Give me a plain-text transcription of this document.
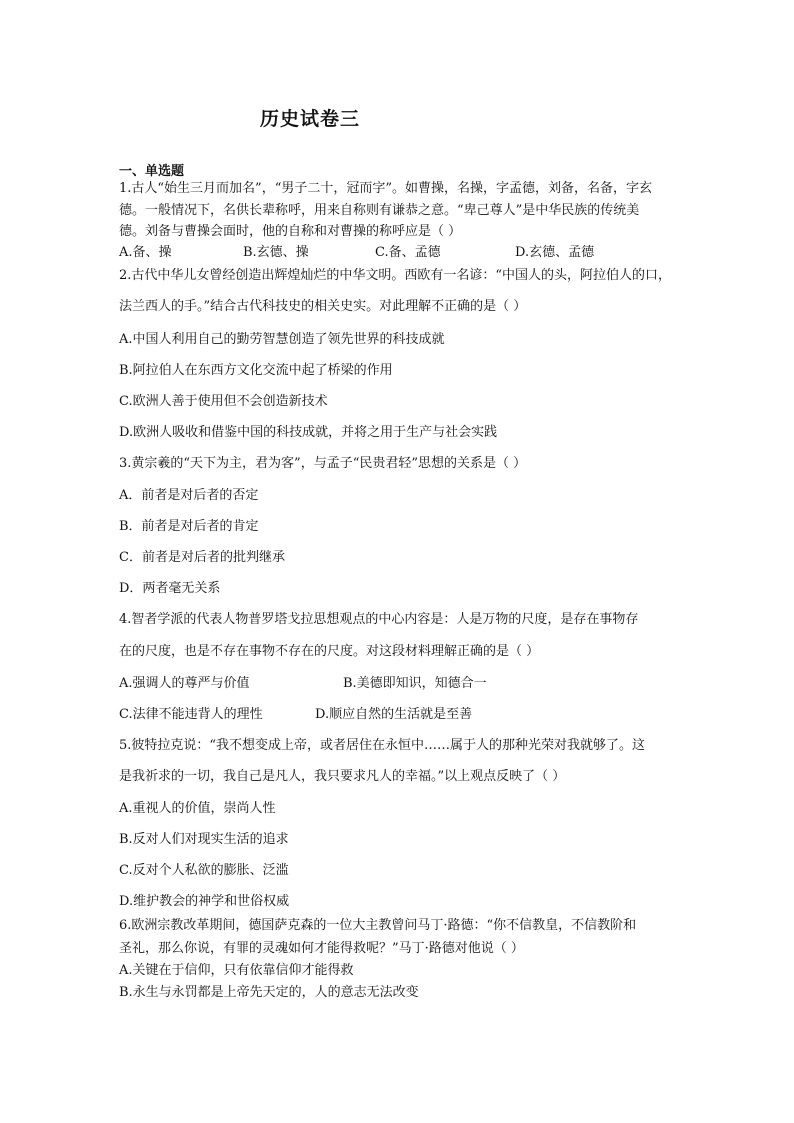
历史试卷三
一、单选题
1.古人“始生三月而加名”，“男子二十，冠而字”。如曹操，名操，字孟德，刘备，名备，字玄
德。一般情况下，名供长辈称呼，用来自称则有谦恭之意。“卑己尊人”是中华民族的传统美
德。刘备与曹操会面时，他的自称和对曹操的称呼应是（ ）
A.备、操	B.玄德、操	C.备、孟德	D.玄德、孟德
2.古代中华儿女曾经创造出辉煌灿烂的中华文明。西欧有一名谚：“中国人的头，阿拉伯人的口，
法兰西人的手。”结合古代科技史的相关史实。对此理解不正确的是（ ）
A.中国人利用自己的勤劳智慧创造了领先世界的科技成就
B.阿拉伯人在东西方文化交流中起了桥梁的作用
C.欧洲人善于使用但不会创造新技术
D.欧洲人吸收和借鉴中国的科技成就，并将之用于生产与社会实践
3.黄宗羲的“天下为主，君为客”，与孟子“民贵君轻”思想的关系是（ ）
A．前者是对后者的否定
B．前者是对后者的肯定
C．前者是对后者的批判继承
D．两者毫无关系
4.智者学派的代表人物普罗塔戈拉思想观点的中心内容是：人是万物的尺度，是存在事物存
在的尺度，也是不存在事物不存在的尺度。对这段材料理解正确的是（ ）
A.强调人的尊严与价值	B.美德即知识，知德合一
C.法律不能违背人的理性	D.顺应自然的生活就是至善
5.彼特拉克说：“我不想变成上帝，或者居住在永恒中……属于人的那种光荣对我就够了。这
是我祈求的一切，我自己是凡人，我只要求凡人的幸福。”以上观点反映了（ ）
A.重视人的价值，崇尚人性
B.反对人们对现实生活的追求
C.反对个人私欲的膨胀、泛滥
D.维护教会的神学和世俗权威
6.欧洲宗教改革期间，德国萨克森的一位大主教曾问马丁·路德：“你不信教皇，不信教阶和
圣礼，那么你说，有罪的灵魂如何才能得救呢？”马丁·路德对他说（ ）
A.关键在于信仰，只有依靠信仰才能得救
B.永生与永罚都是上帝先天定的，人的意志无法改变
